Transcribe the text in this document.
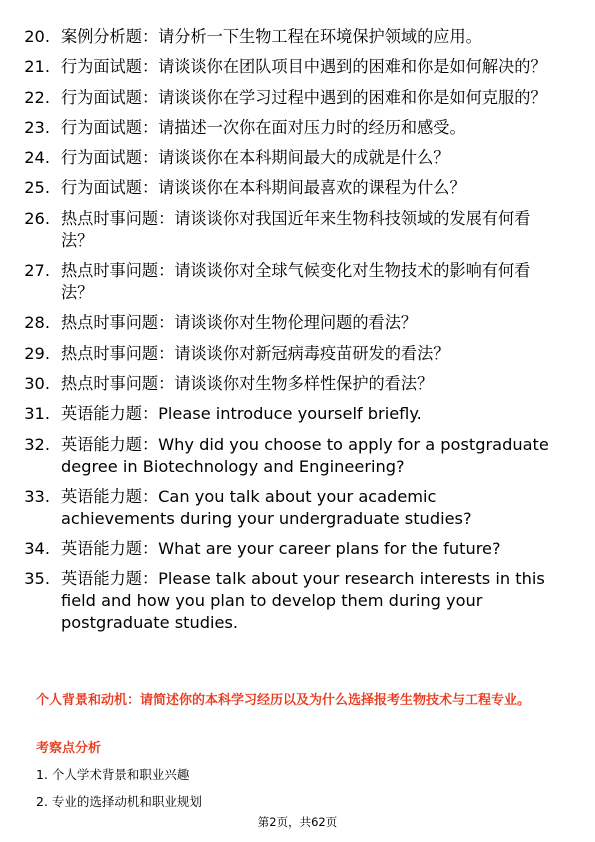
20. 案例分析题：请分析一下生物工程在环境保护领域的应用。
21. 行为面试题：请谈谈你在团队项目中遇到的困难和你是如何解决的？
22. 行为面试题：请谈谈你在学习过程中遇到的困难和你是如何克服的？
23. 行为面试题：请描述一次你在面对压力时的经历和感受。
24. 行为面试题：请谈谈你在本科期间最大的成就是什么？
25. 行为面试题：请谈谈你在本科期间最喜欢的课程为什么？
26. 热点时事问题：请谈谈你对我国近年来生物科技领域的发展有何看法？
27. 热点时事问题：请谈谈你对全球气候变化对生物技术的影响有何看法？
28. 热点时事问题：请谈谈你对生物伦理问题的看法？
29. 热点时事问题：请谈谈你对新冠病毒疫苗研发的看法？
30. 热点时事问题：请谈谈你对生物多样性保护的看法？
31. 英语能力题：Please introduce yourself briefly.
32. 英语能力题：Why did you choose to apply for a postgraduate degree in Biotechnology and Engineering?
33. 英语能力题：Can you talk about your academic achievements during your undergraduate studies?
34. 英语能力题：What are your career plans for the future?
35. 英语能力题：Please talk about your research interests in this field and how you plan to develop them during your postgraduate studies.
个人背景和动机：请简述你的本科学习经历以及为什么选择报考生物技术与工程专业。
考察点分析
1. 个人学术背景和职业兴趣
2. 专业的选择动机和职业规划
第2页，共62页
